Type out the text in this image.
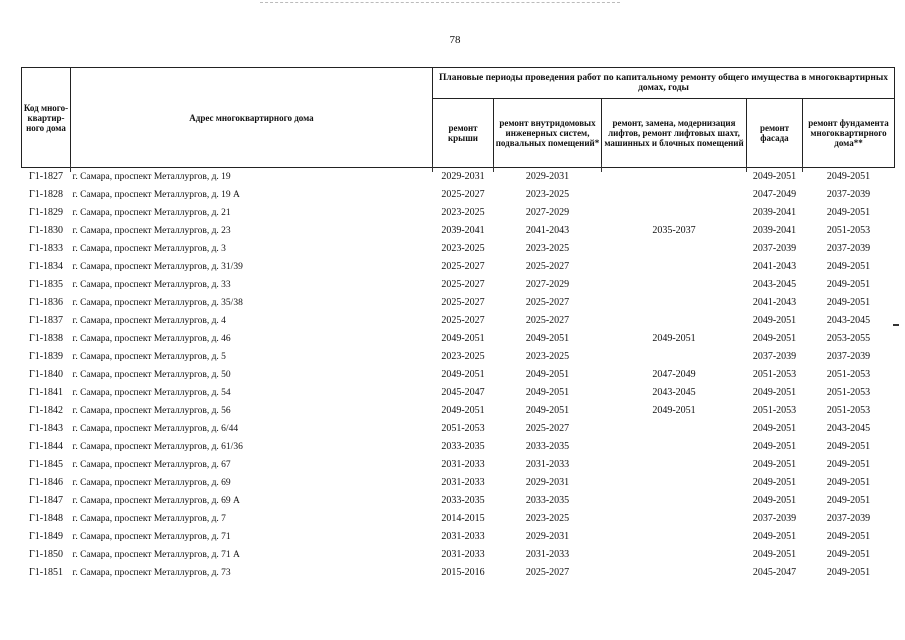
78
Код много-квартир-ного дома	Адрес многоквартирного дома	Плановые периоды проведения работ по капитальному ремонту общего имущества в многоквартирных домах, годы				
		ремонт крыши	ремонт внутридомовых инженерных систем, подвальных помещений*	ремонт, замена, модернизация лифтов, ремонт лифтовых шахт, машинных и блочных помещений	ремонт фасада	ремонт фундамента многоквартирного дома**
Г1-1827	г. Самара, проспект Металлургов, д. 19	2029-2031	2029-2031		2049-2051	2049-2051
Г1-1828	г. Самара, проспект Металлургов, д. 19 А	2025-2027	2023-2025		2047-2049	2037-2039
Г1-1829	г. Самара, проспект Металлургов, д. 21	2023-2025	2027-2029		2039-2041	2049-2051
Г1-1830	г. Самара, проспект Металлургов, д. 23	2039-2041	2041-2043	2035-2037	2039-2041	2051-2053
Г1-1833	г. Самара, проспект Металлургов, д. 3	2023-2025	2023-2025		2037-2039	2037-2039
Г1-1834	г. Самара, проспект Металлургов, д. 31/39	2025-2027	2025-2027		2041-2043	2049-2051
Г1-1835	г. Самара, проспект Металлургов, д. 33	2025-2027	2027-2029		2043-2045	2049-2051
Г1-1836	г. Самара, проспект Металлургов, д. 35/38	2025-2027	2025-2027		2041-2043	2049-2051
Г1-1837	г. Самара, проспект Металлургов, д. 4	2025-2027	2025-2027		2049-2051	2043-2045
Г1-1838	г. Самара, проспект Металлургов, д. 46	2049-2051	2049-2051	2049-2051	2049-2051	2053-2055
Г1-1839	г. Самара, проспект Металлургов, д. 5	2023-2025	2023-2025		2037-2039	2037-2039
Г1-1840	г. Самара, проспект Металлургов, д. 50	2049-2051	2049-2051	2047-2049	2051-2053	2051-2053
Г1-1841	г. Самара, проспект Металлургов, д. 54	2045-2047	2049-2051	2043-2045	2049-2051	2051-2053
Г1-1842	г. Самара, проспект Металлургов, д. 56	2049-2051	2049-2051	2049-2051	2051-2053	2051-2053
Г1-1843	г. Самара, проспект Металлургов, д. 6/44	2051-2053	2025-2027		2049-2051	2043-2045
Г1-1844	г. Самара, проспект Металлургов, д. 61/36	2033-2035	2033-2035		2049-2051	2049-2051
Г1-1845	г. Самара, проспект Металлургов, д. 67	2031-2033	2031-2033		2049-2051	2049-2051
Г1-1846	г. Самара, проспект Металлургов, д. 69	2031-2033	2029-2031		2049-2051	2049-2051
Г1-1847	г. Самара, проспект Металлургов, д. 69 А	2033-2035	2033-2035		2049-2051	2049-2051
Г1-1848	г. Самара, проспект Металлургов, д. 7	2014-2015	2023-2025		2037-2039	2037-2039
Г1-1849	г. Самара, проспект Металлургов, д. 71	2031-2033	2029-2031		2049-2051	2049-2051
Г1-1850	г. Самара, проспект Металлургов, д. 71 А	2031-2033	2031-2033		2049-2051	2049-2051
Г1-1851	г. Самара, проспект Металлургов, д. 73	2015-2016	2025-2027		2045-2047	2049-2051
